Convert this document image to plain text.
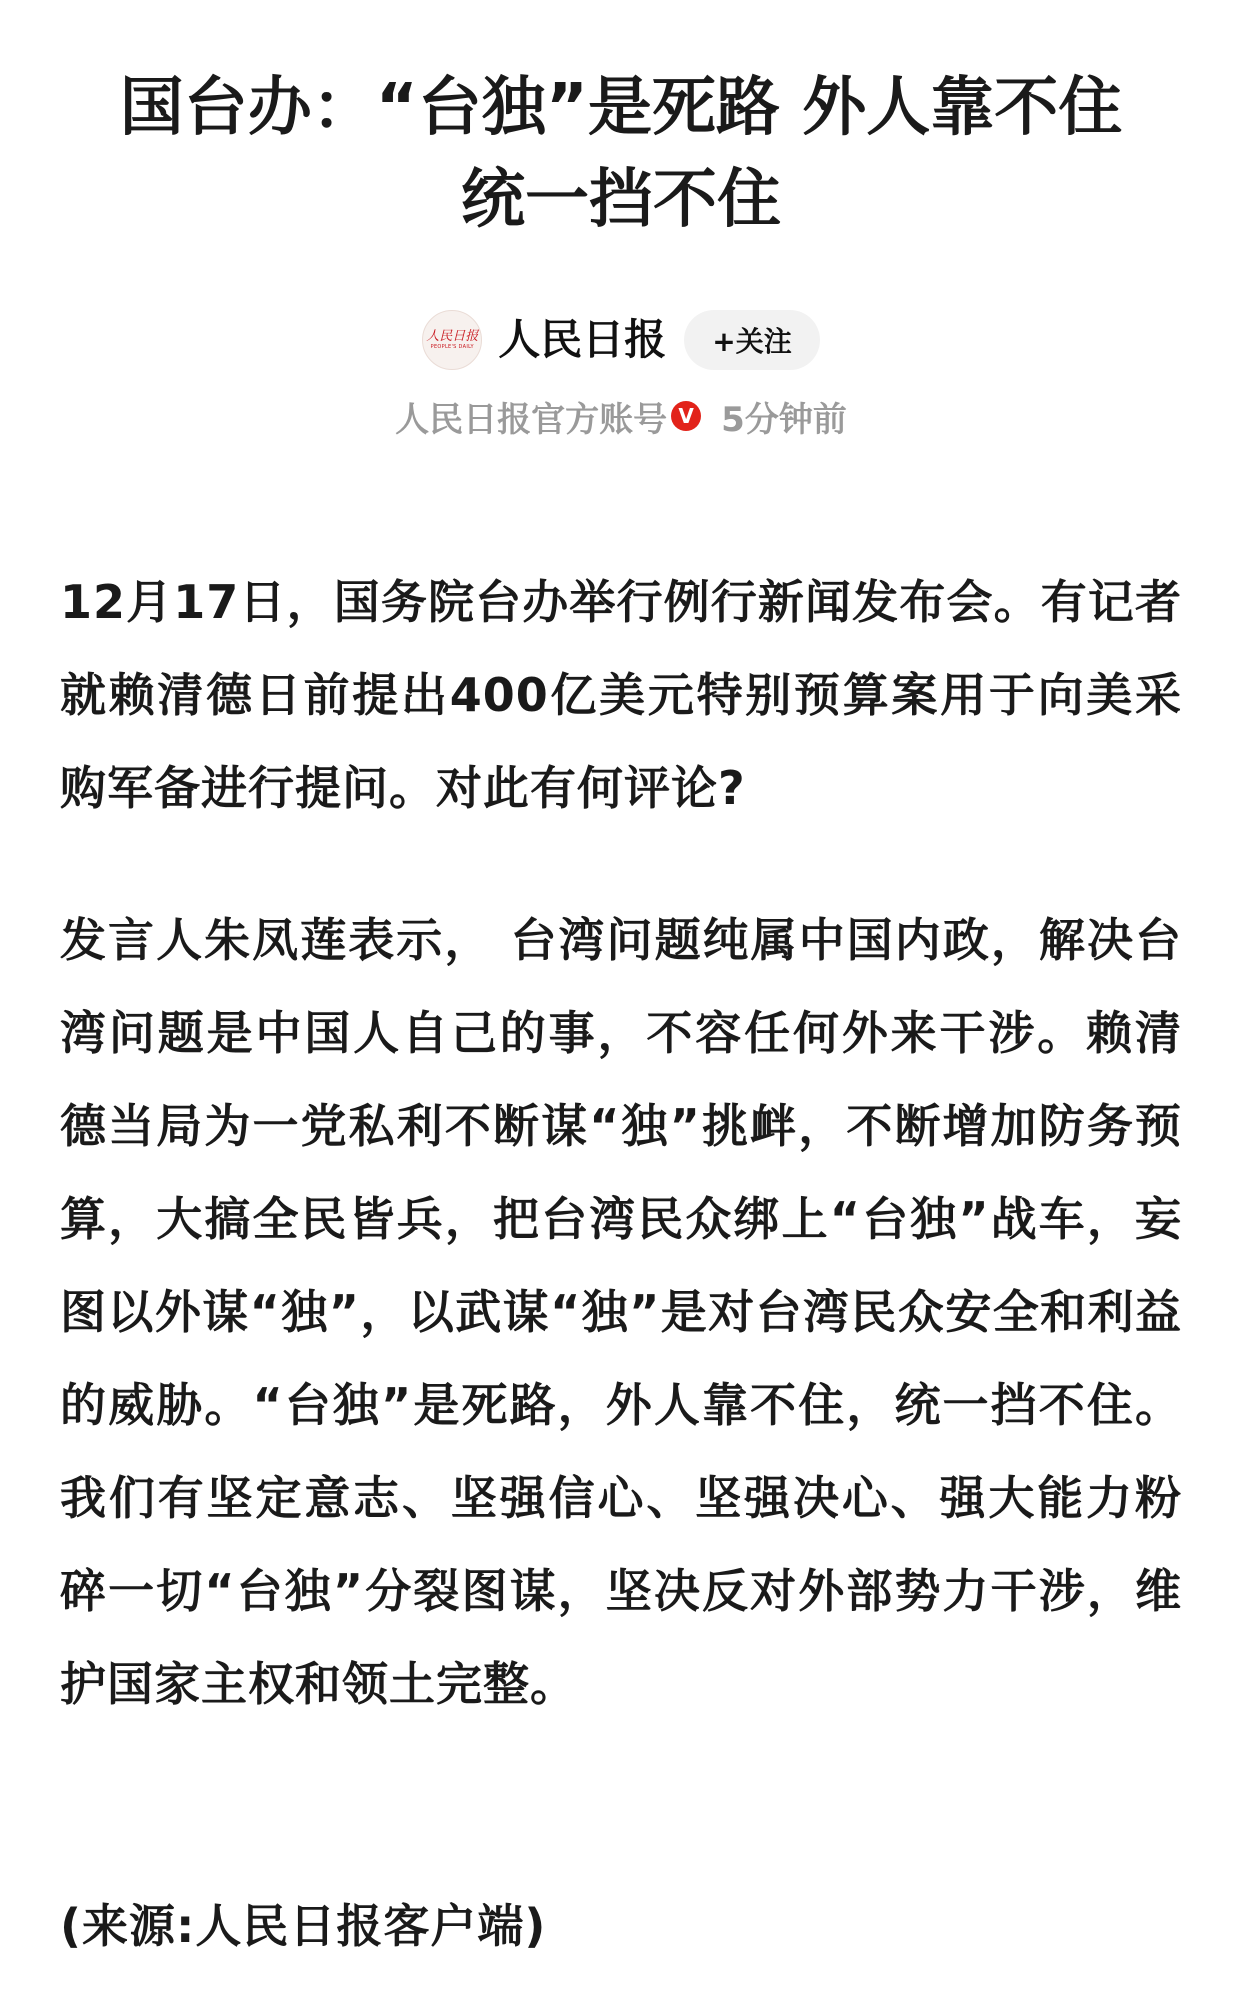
国台办：“台独”是死路 外人靠不住 统一挡不住
人民日报
PEOPLE'S DAILY 人民日报	+关注
人民日报官方账号 V 5分钟前

12月17日，国务院台办举行例行新闻发布会。有记者就赖清德日前提出400亿美元特别预算案用于向美采购军备进行提问。对此有何评论?

发言人朱凤莲表示， 台湾问题纯属中国内政，解决台湾问题是中国人自己的事，不容任何外来干涉。赖清德当局为一党私利不断谋“独”挑衅，不断增加防务预算，大搞全民皆兵，把台湾民众绑上“台独”战车，妄图以外谋“独”，以武谋“独”是对台湾民众安全和利益的威胁。“台独”是死路，外人靠不住，统一挡不住。我们有坚定意志、坚强信心、坚强决心、强大能力粉碎一切“台独”分裂图谋，坚决反对外部势力干涉，维护国家主权和领土完整。

(来源:人民日报客户端)
